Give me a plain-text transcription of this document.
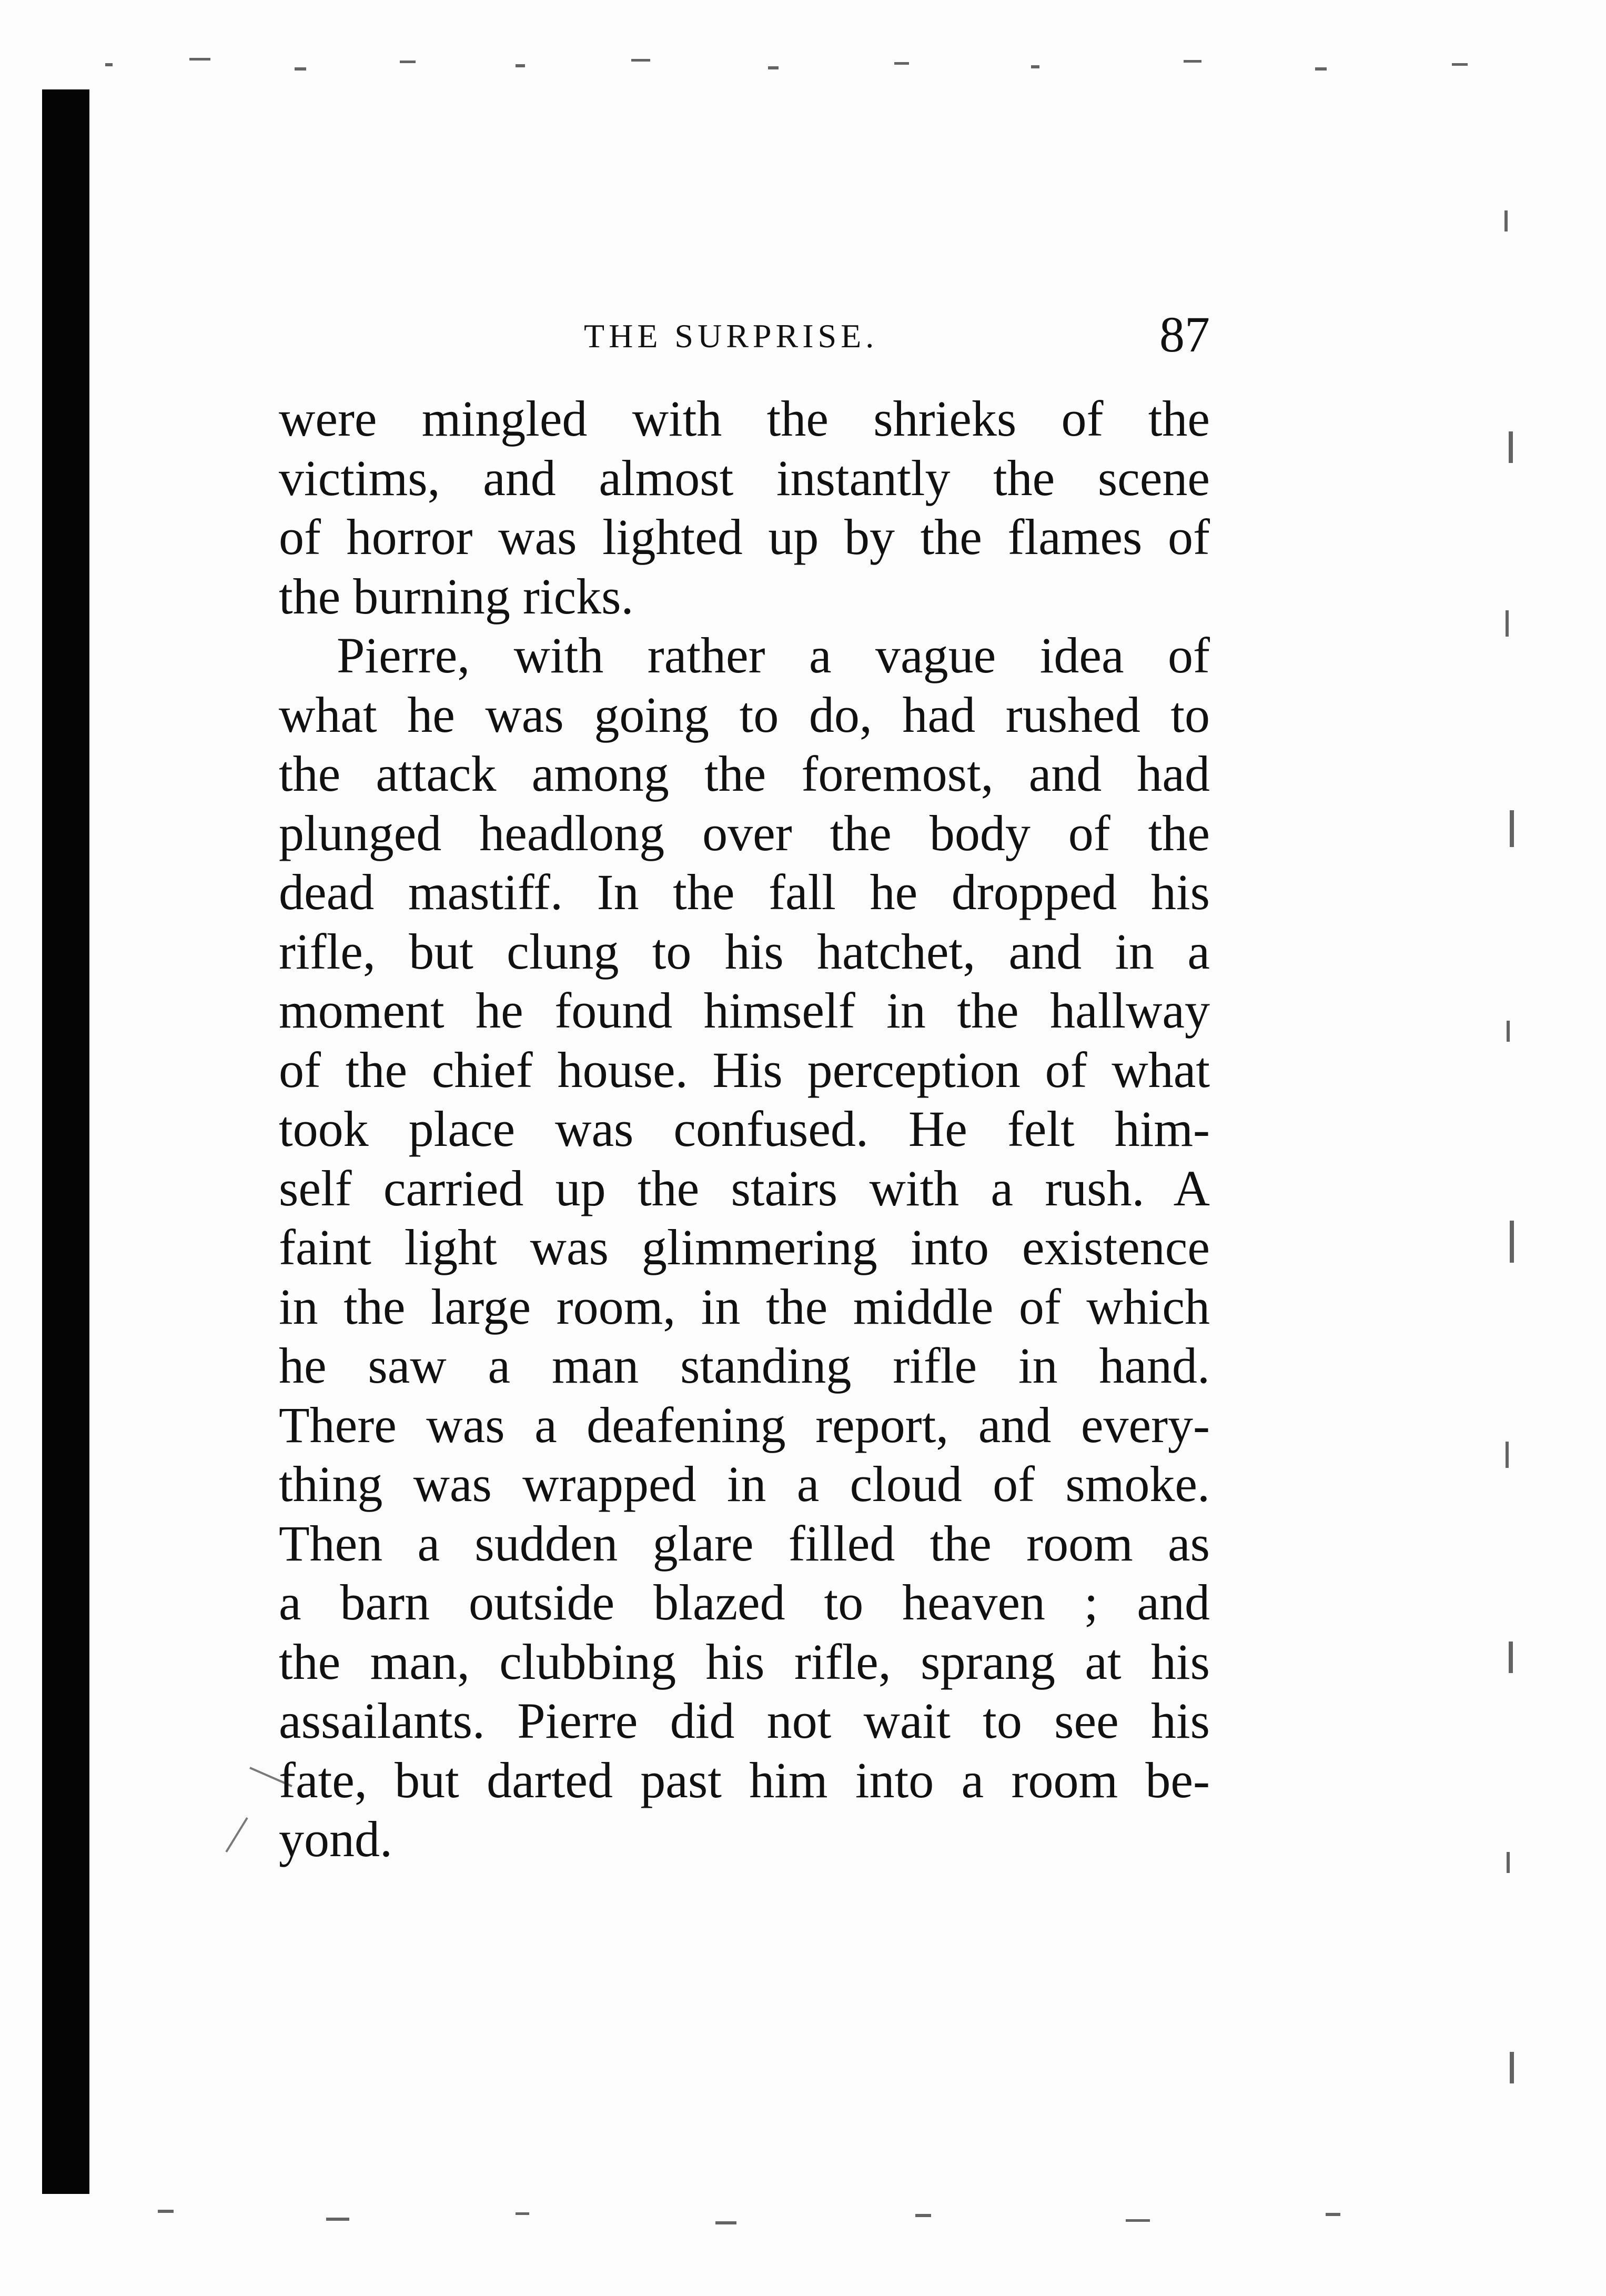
THE SURPRISE.	87
were mingled with the shrieks of the
victims, and almost instantly the scene
of horror was lighted up by the flames of
the burning ricks.
Pierre, with rather a vague idea of
what he was going to do, had rushed to
the attack among the foremost, and had
plunged headlong over the body of the
dead mastiff. In the fall he dropped his
rifle, but clung to his hatchet, and in a
moment he found himself in the hallway
of the chief house. His perception of what
took place was confused. He felt him-
self carried up the stairs with a rush. A
faint light was glimmering into existence
in the large room, in the middle of which
he saw a man standing rifle in hand.
There was a deafening report, and every-
thing was wrapped in a cloud of smoke.
Then a sudden glare filled the room as
a barn outside blazed to heaven ; and
the man, clubbing his rifle, sprang at his
assailants. Pierre did not wait to see his
fate, but darted past him into a room be-
yond.
